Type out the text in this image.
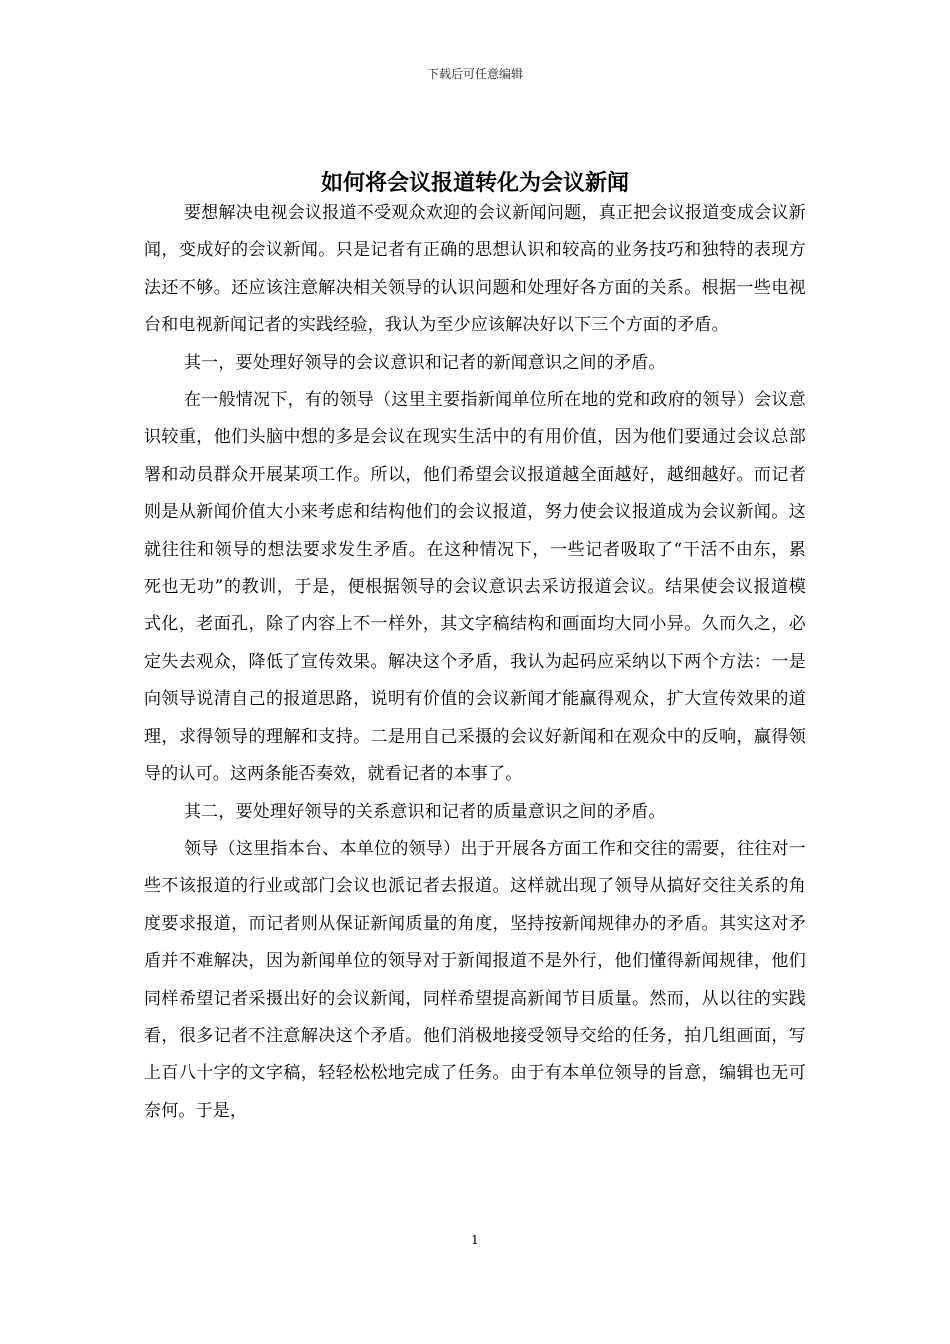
下载后可任意编辑
如何将会议报道转化为会议新闻

要想解决电视会议报道不受观众欢迎的会议新闻问题，真正把会议报道变成会议新闻，变成好的会议新闻。只是记者有正确的思想认识和较高的业务技巧和独特的表现方法还不够。还应该注意解决相关领导的认识问题和处理好各方面的关系。根据一些电视台和电视新闻记者的实践经验，我认为至少应该解决好以下三个方面的矛盾。

其一，要处理好领导的会议意识和记者的新闻意识之间的矛盾。

在一般情况下，有的领导（这里主要指新闻单位所在地的党和政府的领导）会议意识较重，他们头脑中想的多是会议在现实生活中的有用价值，因为他们要通过会议总部署和动员群众开展某项工作。所以，他们希望会议报道越全面越好，越细越好。而记者则是从新闻价值大小来考虑和结构他们的会议报道，努力使会议报道成为会议新闻。这就往往和领导的想法要求发生矛盾。在这种情况下，一些记者吸取了“干活不由东，累死也无功”的教训，于是，便根据领导的会议意识去采访报道会议。结果使会议报道模式化，老面孔，除了内容上不一样外，其文字稿结构和画面均大同小异。久而久之，必定失去观众，降低了宣传效果。解决这个矛盾，我认为起码应采纳以下两个方法：一是向领导说清自己的报道思路，说明有价值的会议新闻才能赢得观众，扩大宣传效果的道理，求得领导的理解和支持。二是用自己采摄的会议好新闻和在观众中的反响，赢得领导的认可。这两条能否奏效，就看记者的本事了。

其二，要处理好领导的关系意识和记者的质量意识之间的矛盾。

领导（这里指本台、本单位的领导）出于开展各方面工作和交往的需要，往往对一些不该报道的行业或部门会议也派记者去报道。这样就出现了领导从搞好交往关系的角度要求报道，而记者则从保证新闻质量的角度，坚持按新闻规律办的矛盾。其实这对矛盾并不难解决，因为新闻单位的领导对于新闻报道不是外行，他们懂得新闻规律，他们同样希望记者采摄出好的会议新闻，同样希望提高新闻节目质量。然而，从以往的实践看，很多记者不注意解决这个矛盾。他们消极地接受领导交给的任务，拍几组画面，写上百八十字的文字稿，轻轻松松地完成了任务。由于有本单位领导的旨意，编辑也无可奈何。于是，

1
